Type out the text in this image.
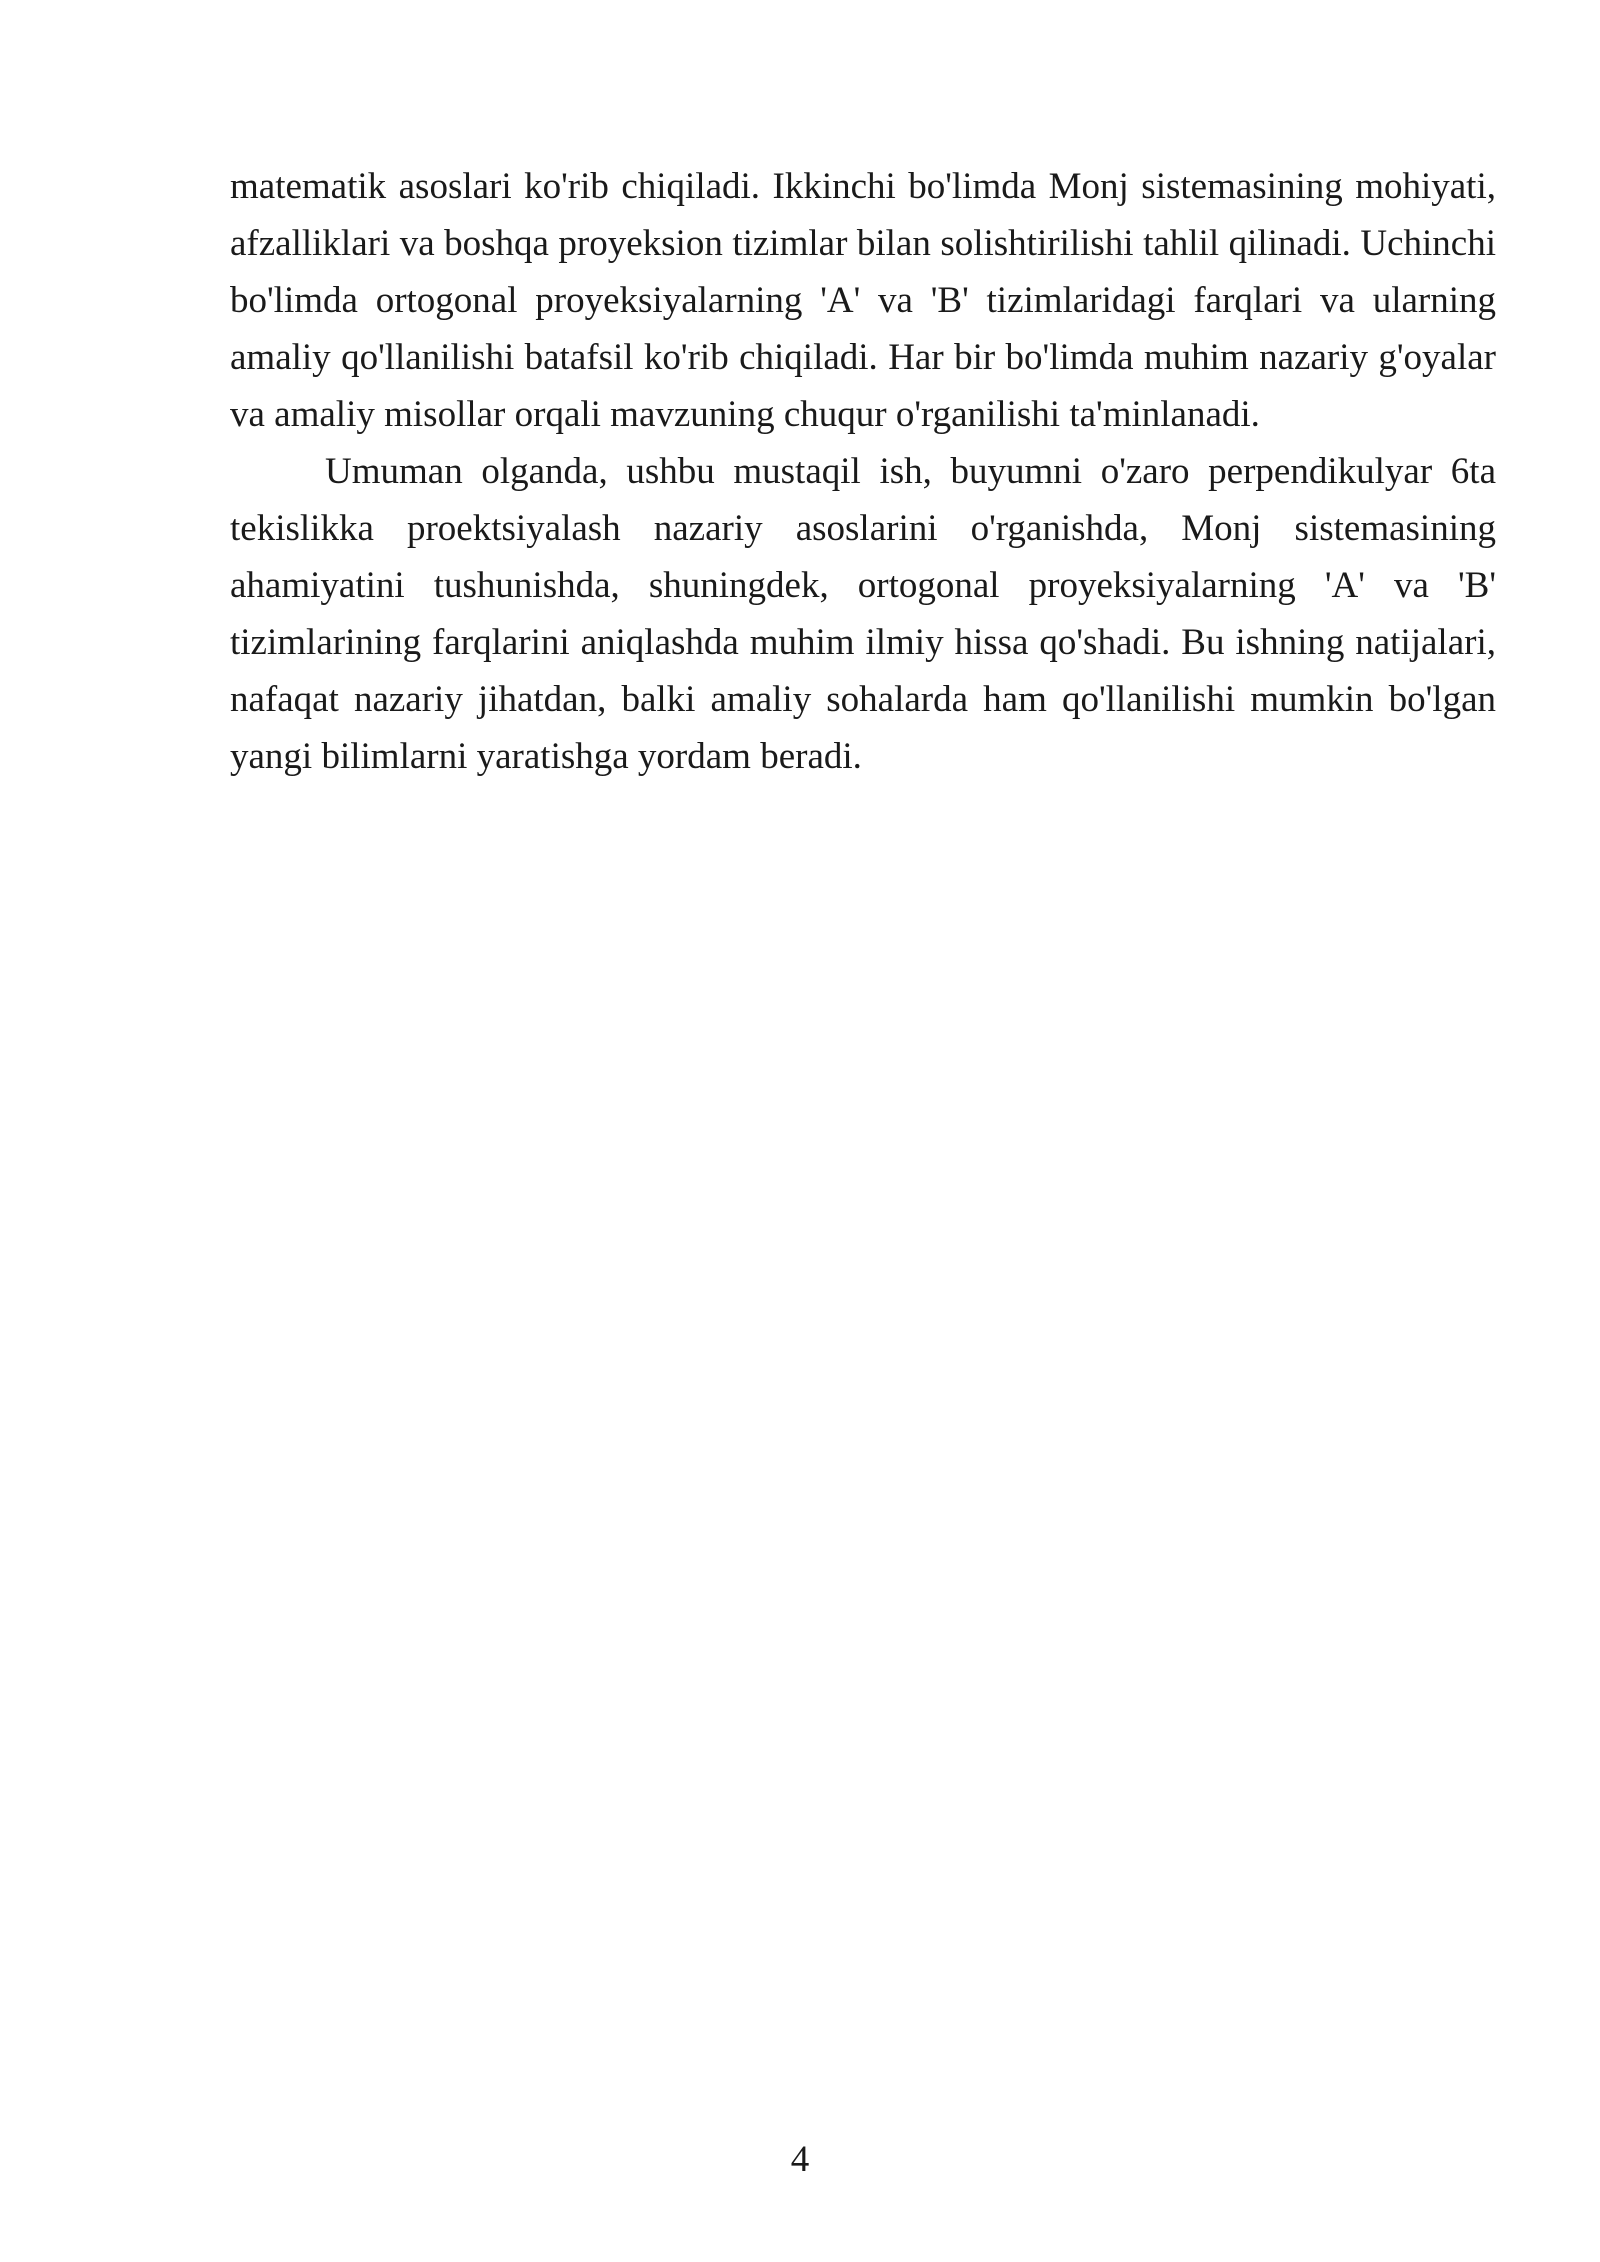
matematik asoslari ko'rib chiqiladi. Ikkinchi bo'limda Monj sistemasining mohiyati, afzalliklari va boshqa proyeksion tizimlar bilan solishtirilishi tahlil qilinadi. Uchinchi bo'limda ortogonal proyeksiyalarning 'A' va 'B' tizimlaridagi farqlari va ularning amaliy qo'llanilishi batafsil ko'rib chiqiladi. Har bir bo'limda muhim nazariy g'oyalar va amaliy misollar orqali mavzuning chuqur o'rganilishi ta'minlanadi.

Umuman olganda, ushbu mustaqil ish, buyumni o'zaro perpendikulyar 6ta tekislikka proektsiyalash nazariy asoslarini o'rganishda, Monj sistemasining ahamiyatini tushunishda, shuningdek, ortogonal proyeksiyalarning 'A' va 'B' tizimlarining farqlarini aniqlashda muhim ilmiy hissa qo'shadi. Bu ishning natijalari, nafaqat nazariy jihatdan, balki amaliy sohalarda ham qo'llanilishi mumkin bo'lgan yangi bilimlarni yaratishga yordam beradi.

4
